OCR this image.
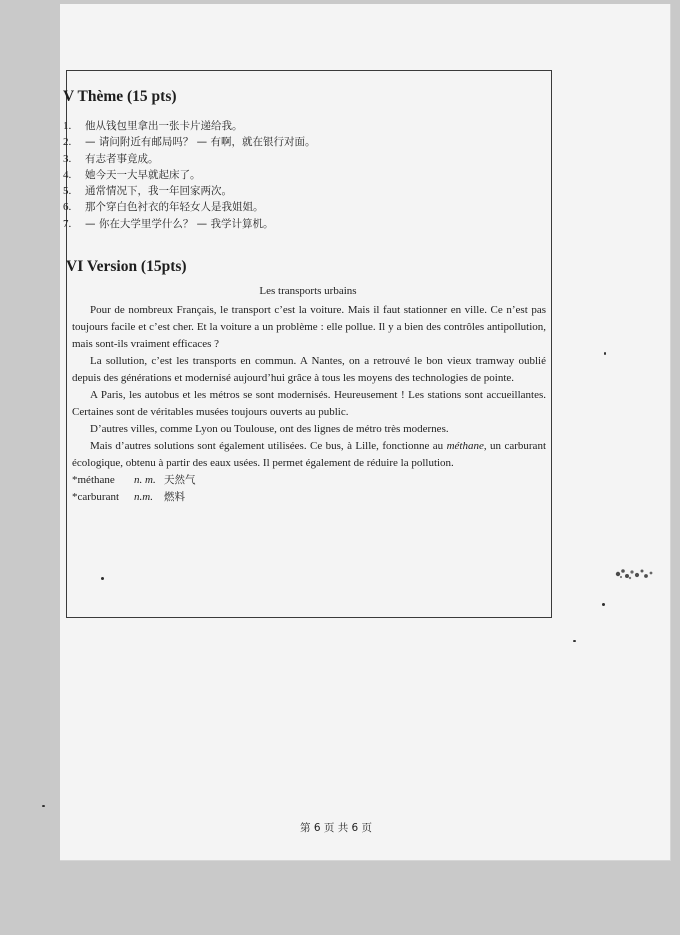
V Thème (15 pts)
1.	他从钱包里拿出一张卡片递给我。
2.	— 请问附近有邮局吗？ — 有啊，就在银行对面。
3.	有志者事竟成。
4.	她今天一大早就起床了。
5.	通常情况下，我一年回家两次。
6.	那个穿白色衬衣的年轻女人是我姐姐。
7.	— 你在大学里学什么？ — 我学计算机。
VI Version (15pts)

Les transports urbains

Pour de nombreux Français, le transport c’est la voiture. Mais il faut stationner en ville. Ce n’est pas toujours facile et c’est cher. Et la voiture a un problème : elle pollue. Il y a bien des contrôles antipollution, mais sont-ils vraiment efficaces ?

La sollution, c’est les transports en commun. A Nantes, on a retrouvé le bon vieux tramway oublié depuis des générations et modernisé aujourd’hui grâce à tous les moyens des technologies de pointe.

A Paris, les autobus et les métros se sont modernisés. Heureusement ! Les stations sont accueillantes. Certaines sont de véritables musées toujours ouverts au public.

D’autres villes, comme Lyon ou Toulouse, ont des lignes de métro très modernes.

Mais d’autres solutions sont également utilisées. Ce bus, à Lille, fonctionne au méthane, un carburant écologique, obtenu à partir des eaux usées. Il permet également de réduire la pollution.

*méthane	n. m. 天然气

*carburant	n.m.	燃料

第 6 页 共 6 页
